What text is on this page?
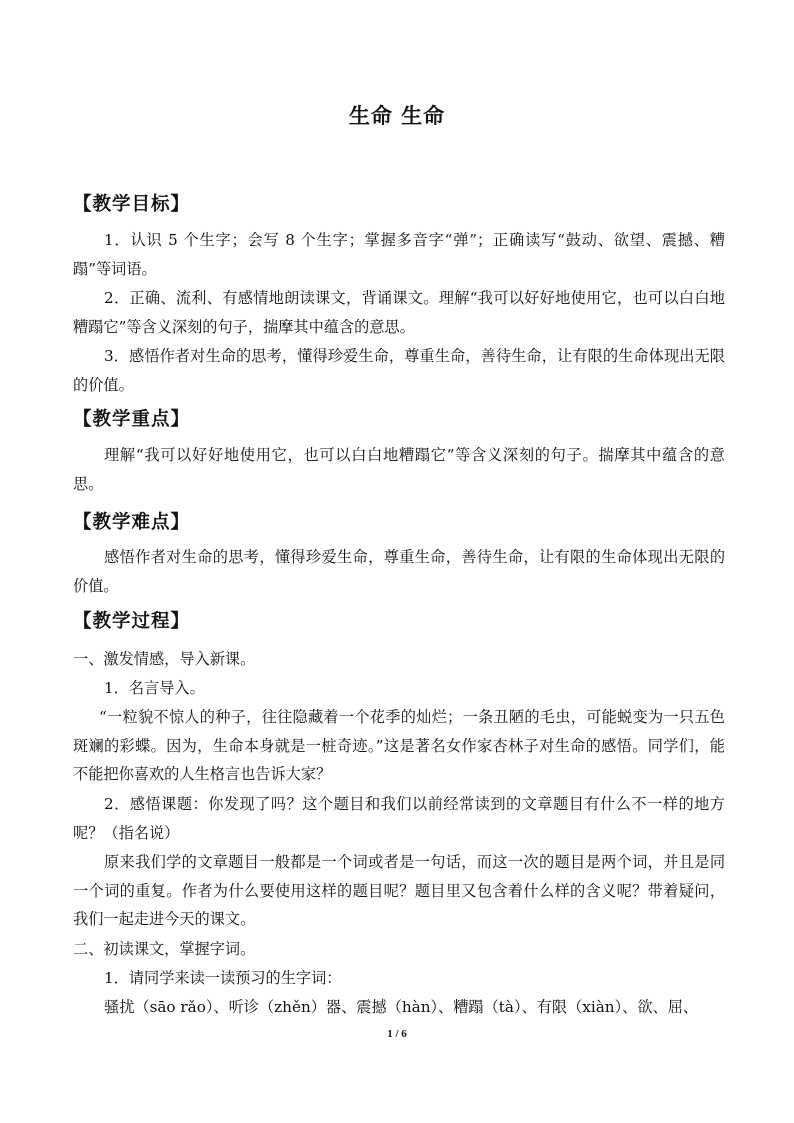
生命 生命
【教学目标】
1．认识 5 个生字；会写 8 个生字；掌握多音字“弹”；正确读写“鼓动、欲望、震撼、糟蹋”等词语。
2．正确、流利、有感情地朗读课文，背诵课文。理解“我可以好好地使用它，也可以白白地糟蹋它”等含义深刻的句子，揣摩其中蕴含的意思。
3．感悟作者对生命的思考，懂得珍爱生命，尊重生命，善待生命，让有限的生命体现出无限的价值。
【教学重点】
理解“我可以好好地使用它，也可以白白地糟蹋它”等含义深刻的句子。揣摩其中蕴含的意思。
【教学难点】
感悟作者对生命的思考，懂得珍爱生命，尊重生命，善待生命，让有限的生命体现出无限的价值。
【教学过程】
一、激发情感，导入新课。
1．名言导入。
“一粒貌不惊人的种子，往往隐藏着一个花季的灿烂；一条丑陋的毛虫，可能蜕变为一只五色斑斓的彩蝶。因为，生命本身就是一桩奇迹。”这是著名女作家杏林子对生命的感悟。同学们，能不能把你喜欢的人生格言也告诉大家？
2．感悟课题：你发现了吗？这个题目和我们以前经常读到的文章题目有什么不一样的地方呢？（指名说）
原来我们学的文章题目一般都是一个词或者是一句话，而这一次的题目是两个词，并且是同一个词的重复。作者为什么要使用这样的题目呢？题目里又包含着什么样的含义呢？带着疑问，我们一起走进今天的课文。
二、初读课文，掌握字词。
1．请同学来读一读预习的生字词：
骚扰（sāo rǎo）、听诊（zhěn）器、震撼（hàn）、糟蹋（tà）、有限（xiàn）、欲、屈、
1 / 6
